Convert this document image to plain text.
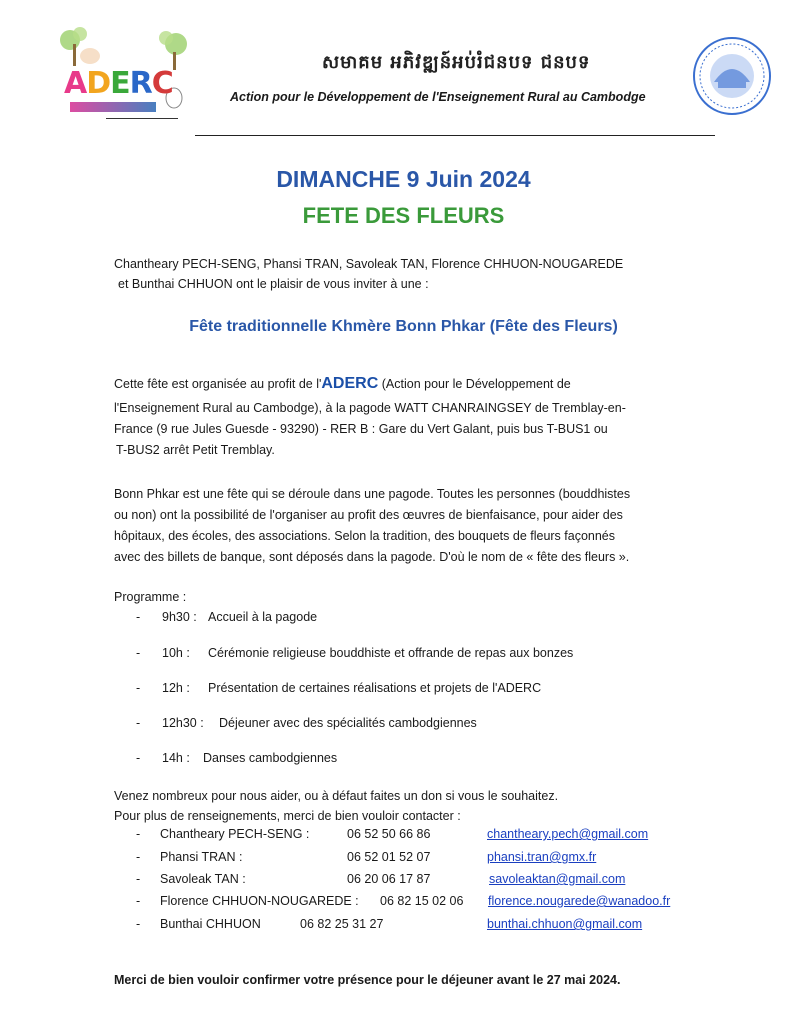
ADERC
សមាគម អភិវឌ្ឍន៍អប់រំជនបទ ជនបទ
Action pour le Développement de l'Enseignement Rural au Cambodge
DIMANCHE 9 Juin 2024
FETE DES FLEURS
Chantheary PECH-SENG, Phansi TRAN, Savoleak TAN, Florence CHHUON-NOUGAREDE
et Bunthai CHHUON ont le plaisir de vous inviter à une :
Fête traditionnelle Khmère Bonn Phkar (Fête des Fleurs)
Cette fête est organisée au profit de l'ADERC (Action pour le Développement de
l'Enseignement Rural au Cambodge), à la pagode WATT CHANRAINGSEY de Tremblay-en-
France (9 rue Jules Guesde - 93290) - RER B : Gare du Vert Galant, puis bus T-BUS1 ou
T-BUS2 arrêt Petit Tremblay.
Bonn Phkar est une fête qui se déroule dans une pagode. Toutes les personnes (bouddhistes
ou non) ont la possibilité de l'organiser au profit des œuvres de bienfaisance, pour aider des
hôpitaux, des écoles, des associations. Selon la tradition, des bouquets de fleurs façonnés
avec des billets de banque, sont déposés dans la pagode. D'où le nom de « fête des fleurs ».
Programme :
- 9h30 : Accueil à la pagode
- 10h : Cérémonie religieuse bouddhiste et offrande de repas aux bonzes
- 12h : Présentation de certaines réalisations et projets de l'ADERC
- 12h30 : Déjeuner avec des spécialités cambodgiennes
- 14h : Danses cambodgiennes
Venez nombreux pour nous aider, ou à défaut faites un don si vous le souhaitez.
Pour plus de renseignements, merci de bien vouloir contacter :
- Chantheary PECH-SENG :	06 52 50 66 86	chantheary.pech@gmail.com
- Phansi TRAN :	06 52 01 52 07	phansi.tran@gmx.fr
- Savoleak TAN :	06 20 06 17 87	savoleaktan@gmail.com
- Florence CHHUON-NOUGAREDE : 06 82 15 02 06 florence.nougarede@wanadoo.fr
- Bunthai CHHUON	06 82 25 31 27	bunthai.chhuon@gmail.com
Merci de bien vouloir confirmer votre présence pour le déjeuner avant le 27 mai 2024.
